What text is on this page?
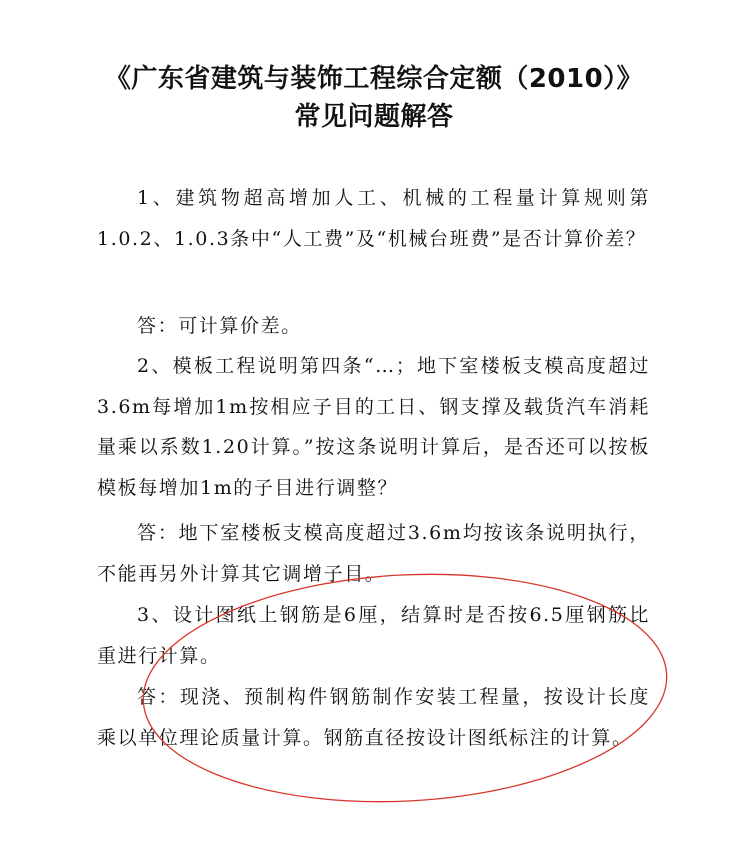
《广东省建筑与装饰工程综合定额（2010）》
常见问题解答

1、建筑物超高增加人工、机械的工程量计算规则第1.0.2、1.0.3条中“人工费”及“机械台班费”是否计算价差？

答：可计算价差。

2、模板工程说明第四条“…；地下室楼板支模高度超过3.6m每增加1m按相应子目的工日、钢支撑及载货汽车消耗量乘以系数1.20计算。”按这条说明计算后，是否还可以按板模板每增加1m的子目进行调整？

答：地下室楼板支模高度超过3.6m均按该条说明执行，不能再另外计算其它调增子目。

3、设计图纸上钢筋是6厘，结算时是否按6.5厘钢筋比重进行计算。

答：现浇、预制构件钢筋制作安装工程量，按设计长度乘以单位理论质量计算。钢筋直径按设计图纸标注的计算。
